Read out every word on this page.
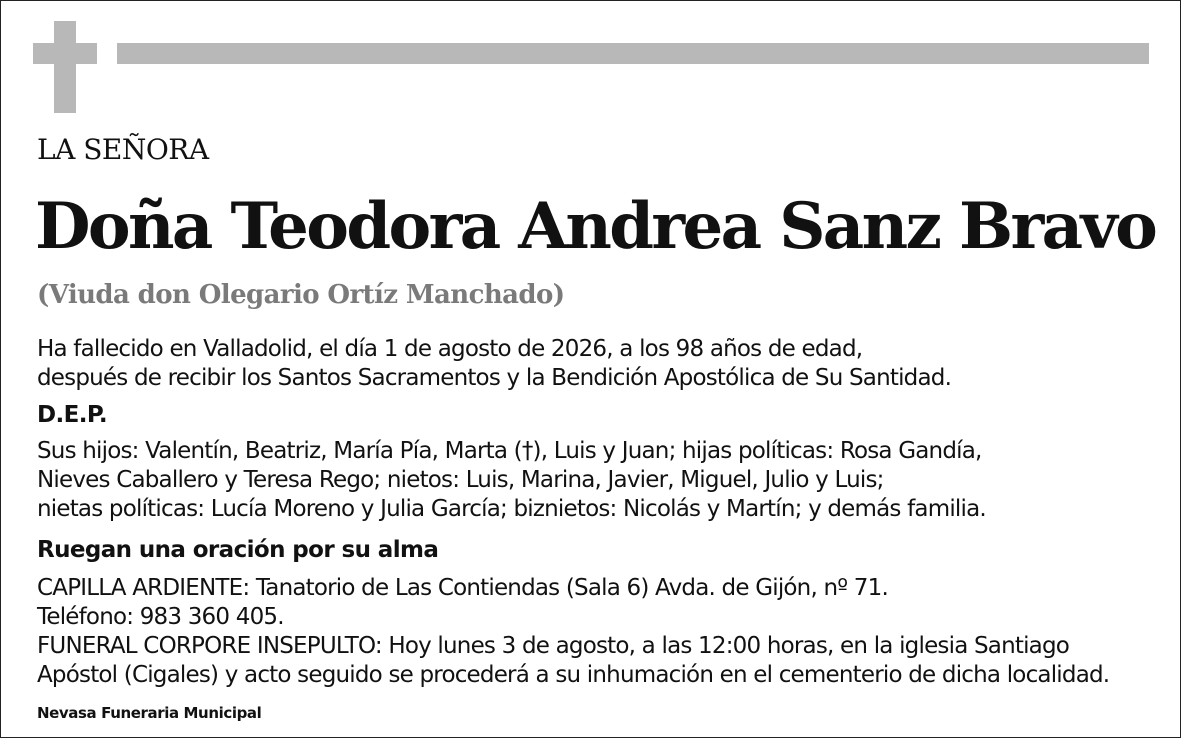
LA SEÑORA
Doña Teodora Andrea Sanz Bravo
(Viuda don Olegario Ortíz Manchado)
Ha fallecido en Valladolid, el día 1 de agosto de 2026, a los 98 años de edad,
después de recibir los Santos Sacramentos y la Bendición Apostólica de Su Santidad.
D.E.P.
Sus hijos: Valentín, Beatriz, María Pía, Marta (†), Luis y Juan; hijas políticas: Rosa Gandía,
Nieves Caballero y Teresa Rego; nietos: Luis, Marina, Javier, Miguel, Julio y Luis;
nietas políticas: Lucía Moreno y Julia García; biznietos: Nicolás y Martín; y demás familia.
Ruegan una oración por su alma
CAPILLA ARDIENTE: Tanatorio de Las Contiendas (Sala 6) Avda. de Gijón, nº 71.
Teléfono: 983 360 405.
FUNERAL CORPORE INSEPULTO: Hoy lunes 3 de agosto, a las 12:00 horas, en la iglesia Santiago
Apóstol (Cigales) y acto seguido se procederá a su inhumación en el cementerio de dicha localidad.
Nevasa Funeraria Municipal
